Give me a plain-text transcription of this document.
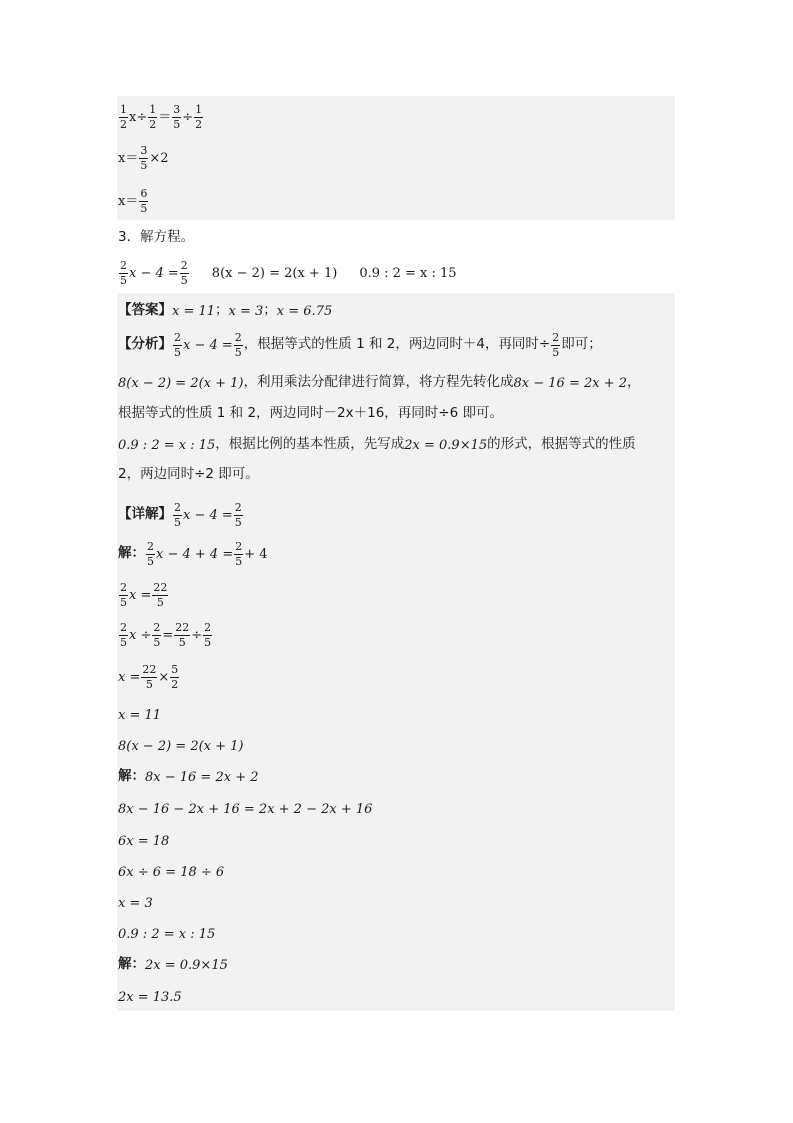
$\frac{1}{2} x\div \frac{1}{2} = \frac{3}{5} \div \frac{1}{2}$
$x= \frac{3}{5} \times 2$
$x= \frac{6}{5}$
3．解方程。
$\frac{2}{5}$ $x - 4 = \frac{2}{5} 8(x - 2) = 2(x + 1)$ 0.9 : 2 = x : 15
【答案】 x = 11 ； x = 3 ； x = 6.75
【分析】 $\frac{2}{5}$ $x - 4 = \frac{2}{5}$ ，根据等式的性质 1 和 2，两边同时＋4，再同时÷ $\frac{2}{5}$ 即可；
8(x − 2) = 2(x + 1) ，利用乘法分配律进行简算，将方程先转化成 8x − 16 = 2x + 2 ，
根据等式的性质 1 和 2，两边同时－2x＋16，再同时÷6 即可。
0.9 : 2 = x : 15 ，根据比例的基本性质，先写成 2x = 0.9×15 的形式，根据等式的性质
2，两边同时÷2 即可。
【详解】 $\frac{2}{5}$ $x - 4 = \frac{2}{5}$
解： $\frac{2}{5}$ $x - 4 + 4 = \frac{2}{5} + 4$
$\frac{2}{5}$ $x = \frac{22}{5}$
$\frac{2}{5}$ $x \div \frac{2}{5} = \frac{22}{5} \div \frac{2}{5}$
$x = \frac{22}{5} \times \frac{5}{2}$
x = 11
8(x − 2) = 2(x + 1)
解： 8x − 16 = 2x + 2
8x − 16 − 2x + 16 = 2x + 2 − 2x + 16
6x = 18
6x ÷ 6 = 18 ÷ 6
x = 3
0.9 : 2 = x : 15
解： 2x = 0.9×15
2x = 13.5
